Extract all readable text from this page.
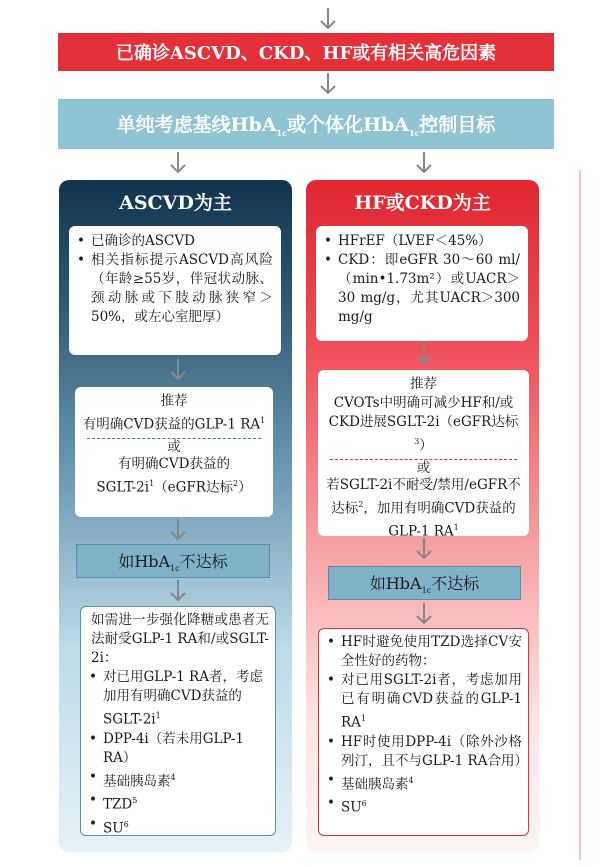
已确诊ASCVD、CKD、HF或有相关高危因素
单纯考虑基线HbA$_{1c}$或个体化HbA$_{1c}$控制目标
ASCVD为主
• 已确诊的ASCVD
• 相关指标提示ASCVD高风险（年龄≥55岁，伴冠状动脉、颈动脉或下肢动脉狭窄＞50%，或左心室肥厚）
推荐
有明确CVD获益的GLP-1 $RA^1$
或
有明确CVD获益的
SGLT-$2i^1(eGFR$达标$^2$）
如HbA$_{1c}$不达标
如需进一步强化降糖或患者无法耐受GLP-1 RA和/或SGLT-2i：
• 对已用GLP-1 RA者，考虑加用有明确CVD获益的SGLT-$2i^1$
• DPP-4i（若未用GLP-1 RA）
• 基础胰岛素$^4$
• TZD$^5$
• $SU^6$
HF或CKD为主
• HFrEF（LVEF＜45%）
• CKD：即eGFR 30～60 ml/（min•1.73m²）或UACR＞30 mg/g，尤其UACR＞300 mg/g
推荐
CVOTs中明确可减少HF和/或CKD进展SGLT-2i（eGFR达标$^3$）
或
若SGLT-2i不耐受/禁用/eGFR不达标$^2$，加用有明确CVD获益的GLP-1 $RA^1$
如HbA$_{1c}$不达标
• HF时避免使用TZD选择CV安全性好的药物：
• 对已用SGLT-2i者，考虑加用已有明确CVD获益的GLP-1 $RA^1$
• HF时使用DPP-4i（除外沙格列汀，且不与GLP-1 RA合用）
• 基础胰岛素$^4$
• $SU^6$
